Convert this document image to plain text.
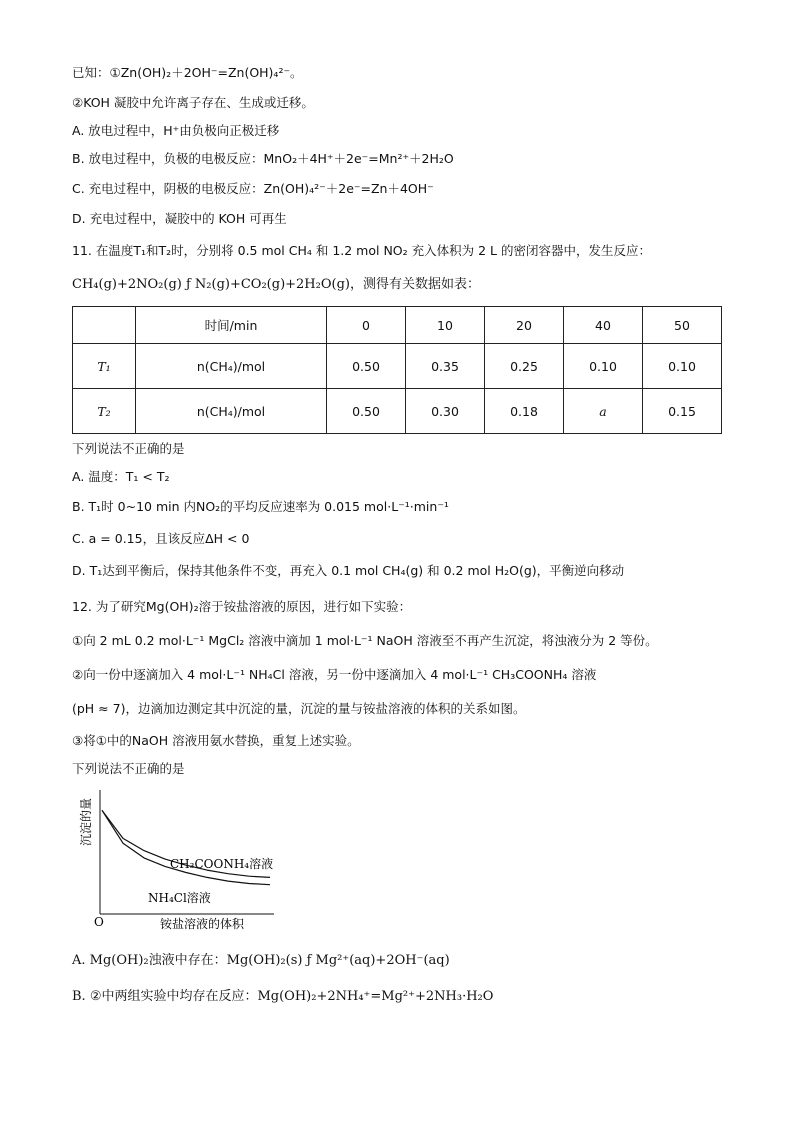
已知：①Zn(OH)₂＋2OH⁻=Zn(OH)₄²⁻。
②KOH 凝胶中允许离子存在、生成或迁移。
A. 放电过程中，H⁺由负极向正极迁移
B. 放电过程中，负极的电极反应：MnO₂＋4H⁺＋2e⁻=Mn²⁺＋2H₂O
C. 充电过程中，阴极的电极反应：Zn(OH)₄²⁻＋2e⁻=Zn＋4OH⁻
D. 充电过程中，凝胶中的 KOH 可再生
11. 在温度T₁和T₂时，分别将 0.5 mol CH₄ 和 1.2 mol NO₂ 充入体积为 2 L 的密闭容器中，发生反应：
CH₄(g)+2NO₂(g) ƒ N₂(g)+CO₂(g)+2H₂O(g)，测得有关数据如表：
	时间/min	0	10	20	40	50
T₁	n(CH₄)/mol	0.50	0.35	0.25	0.10	0.10
T₂	n(CH₄)/mol	0.50	0.30	0.18	a	0.15
下列说法不正确的是
A. 温度：T₁ < T₂
B. T₁时 0~10 min 内NO₂的平均反应速率为 0.015 mol·L⁻¹·min⁻¹
C. a = 0.15，且该反应ΔH < 0
D. T₁达到平衡后，保持其他条件不变，再充入 0.1 mol CH₄(g) 和 0.2 mol H₂O(g)，平衡逆向移动
12. 为了研究Mg(OH)₂溶于铵盐溶液的原因，进行如下实验：
①向 2 mL 0.2 mol·L⁻¹ MgCl₂ 溶液中滴加 1 mol·L⁻¹ NaOH 溶液至不再产生沉淀，将浊液分为 2 等份。
②向一份中逐滴加入 4 mol·L⁻¹ NH₄Cl 溶液，另一份中逐滴加入 4 mol·L⁻¹ CH₃COONH₄ 溶液
(pH ≈ 7)，边滴加边测定其中沉淀的量，沉淀的量与铵盐溶液的体积的关系如图。
③将①中的NaOH 溶液用氨水替换，重复上述实验。
下列说法不正确的是
沉淀的量
O	铵盐溶液的体积
CH₃COONH₄溶液
NH₄Cl溶液
A. Mg(OH)₂浊液中存在：Mg(OH)₂(s) ƒ Mg²⁺(aq)+2OH⁻(aq)
B. ②中两组实验中均存在反应：Mg(OH)₂+2NH₄⁺=Mg²⁺+2NH₃·H₂O
